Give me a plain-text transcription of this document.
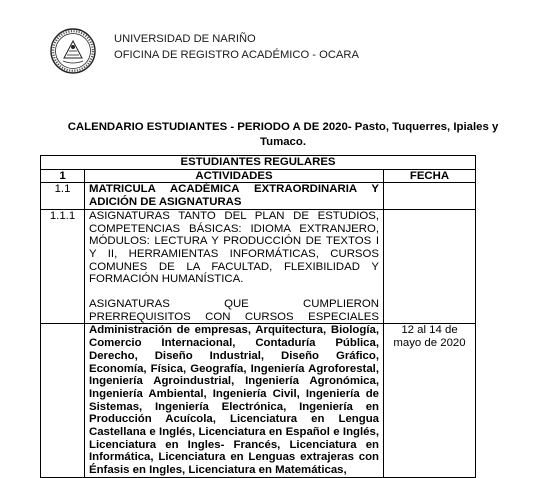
UNIVERSIDAD DE NARIÑO
OFICINA DE REGISTRO ACADÉMICO - OCARA
CALENDARIO ESTUDIANTES - PERIODO A DE 2020- Pasto, Tuquerres, Ipiales y Tumaco.
ESTUDIANTES REGULARES		
1	ACTIVIDADES	FECHA
1.1	MATRICULA ACADÉMICA EXTRAORDINARIA Y ADICIÓN DE ASIGNATURAS	
1.1.1	ASIGNATURAS TANTO DEL PLAN DE ESTUDIOS, COMPETENCIAS BÁSICAS: IDIOMA EXTRANJERO, MÓDULOS: LECTURA Y PRODUCCIÓN DE TEXTOS I Y II, HERRAMIENTAS INFORMÁTICAS, CURSOS COMUNES DE LA FACULTAD, FLEXIBILIDAD Y FORMACIÓN HUMANÍSTICA.

ASIGNATURAS QUE CUMPLIERON PRERREQUISITOS CON CURSOS ESPECIALES	

	Administración de empresas, Arquitectura, Biología, Comercio Internacional, Contaduría Pública, Derecho, Diseño Industrial, Diseño Gráfico, Economía, Física, Geografía, Ingeniería Agroforestal, Ingeniería Agroindustrial, Ingeniería Agronómica, Ingeniería Ambiental, Ingeniería Civil, Ingeniería de Sistemas, Ingeniería Electrónica, Ingeniería en Producción Acuícola, Licenciatura en Lengua Castellana e Inglés, Licenciatura en Español e Inglés, Licenciatura en Ingles- Francés, Licenciatura en Informática, Licenciatura en Lenguas extrajeras con Énfasis en Ingles, Licenciatura en Matemáticas,	12 al 14 de mayo de 2020
